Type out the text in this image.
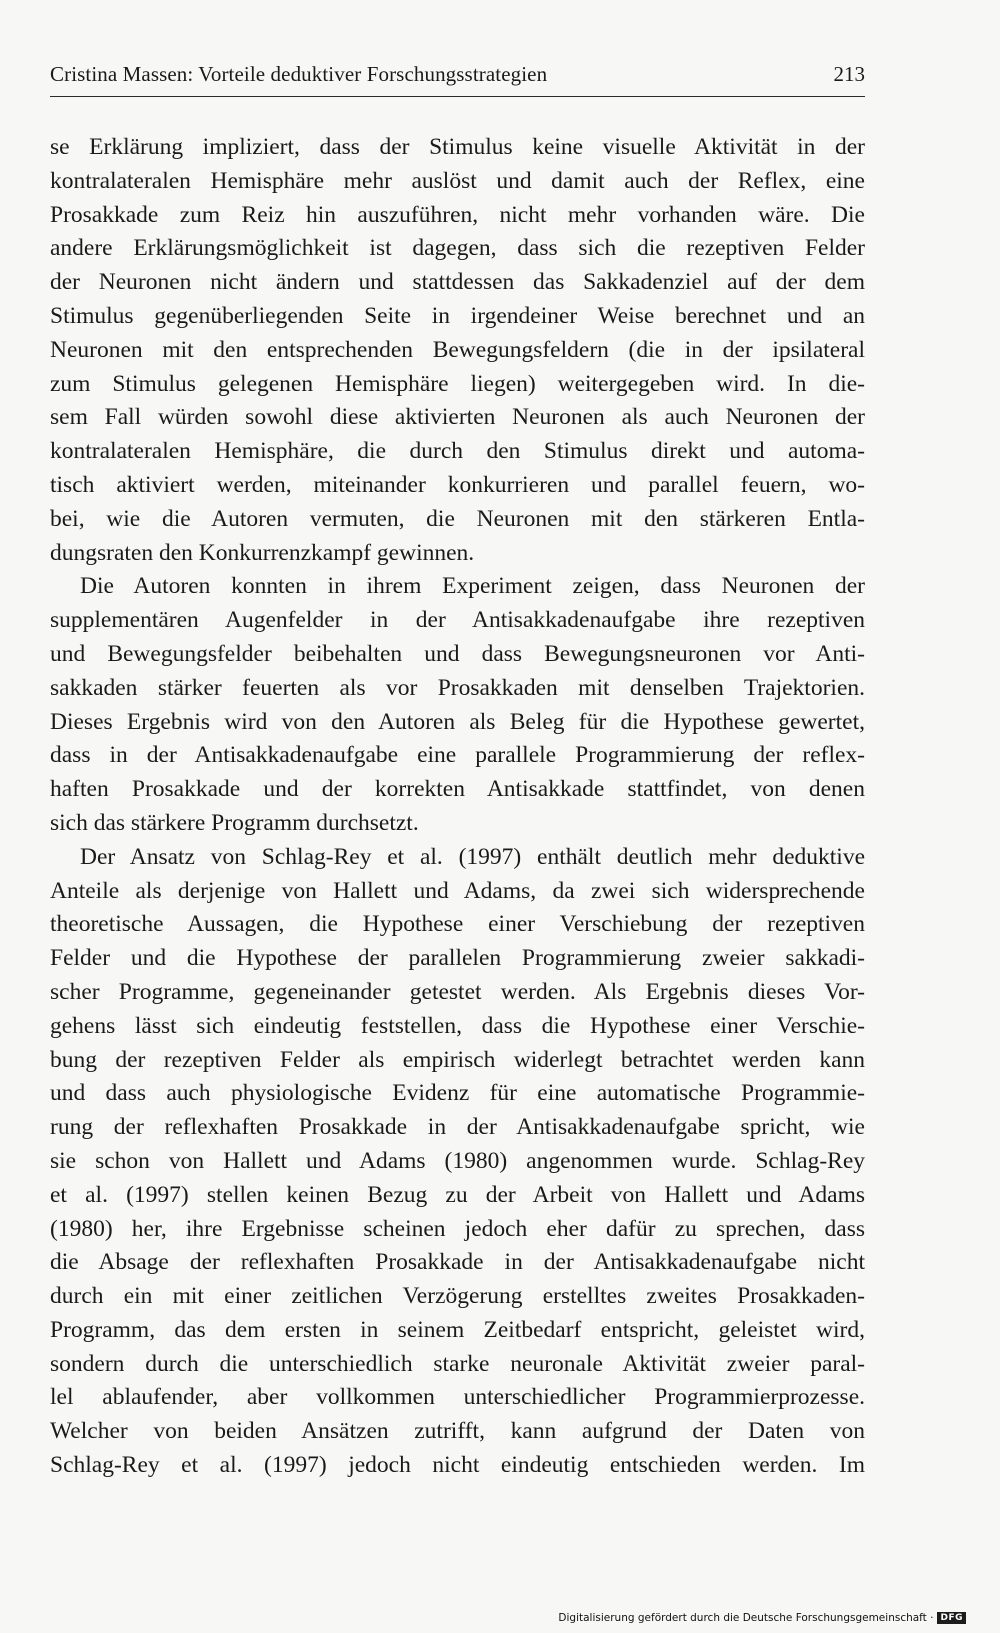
Cristina Massen: Vorteile deduktiver Forschungsstrategien	213
se Erklärung impliziert, dass der Stimulus keine visuelle Aktivität in der
kontralateralen Hemisphäre mehr auslöst und damit auch der Reflex, eine
Prosakkade zum Reiz hin auszuführen, nicht mehr vorhanden wäre. Die
andere Erklärungsmöglichkeit ist dagegen, dass sich die rezeptiven Felder
der Neuronen nicht ändern und stattdessen das Sakkadenziel auf der dem
Stimulus gegenüberliegenden Seite in irgendeiner Weise berechnet und an
Neuronen mit den entsprechenden Bewegungsfeldern (die in der ipsilateral
zum Stimulus gelegenen Hemisphäre liegen) weitergegeben wird. In die-
sem Fall würden sowohl diese aktivierten Neuronen als auch Neuronen der
kontralateralen Hemisphäre, die durch den Stimulus direkt und automa-
tisch aktiviert werden, miteinander konkurrieren und parallel feuern, wo-
bei, wie die Autoren vermuten, die Neuronen mit den stärkeren Entla-
dungsraten den Konkurrenzkampf gewinnen.
Die Autoren konnten in ihrem Experiment zeigen, dass Neuronen der
supplementären Augenfelder in der Antisakkadenaufgabe ihre rezeptiven
und Bewegungsfelder beibehalten und dass Bewegungsneuronen vor Anti-
sakkaden stärker feuerten als vor Prosakkaden mit denselben Trajektorien.
Dieses Ergebnis wird von den Autoren als Beleg für die Hypothese gewertet,
dass in der Antisakkadenaufgabe eine parallele Programmierung der reflex-
haften Prosakkade und der korrekten Antisakkade stattfindet, von denen
sich das stärkere Programm durchsetzt.
Der Ansatz von Schlag-Rey et al. (1997) enthält deutlich mehr deduktive
Anteile als derjenige von Hallett und Adams, da zwei sich widersprechende
theoretische Aussagen, die Hypothese einer Verschiebung der rezeptiven
Felder und die Hypothese der parallelen Programmierung zweier sakkadi-
scher Programme, gegeneinander getestet werden. Als Ergebnis dieses Vor-
gehens lässt sich eindeutig feststellen, dass die Hypothese einer Verschie-
bung der rezeptiven Felder als empirisch widerlegt betrachtet werden kann
und dass auch physiologische Evidenz für eine automatische Programmie-
rung der reflexhaften Prosakkade in der Antisakkadenaufgabe spricht, wie
sie schon von Hallett und Adams (1980) angenommen wurde. Schlag-Rey
et al. (1997) stellen keinen Bezug zu der Arbeit von Hallett und Adams
(1980) her, ihre Ergebnisse scheinen jedoch eher dafür zu sprechen, dass
die Absage der reflexhaften Prosakkade in der Antisakkadenaufgabe nicht
durch ein mit einer zeitlichen Verzögerung erstelltes zweites Prosakkaden-
Programm, das dem ersten in seinem Zeitbedarf entspricht, geleistet wird,
sondern durch die unterschiedlich starke neuronale Aktivität zweier paral-
lel ablaufender, aber vollkommen unterschiedlicher Programmierprozesse.
Welcher von beiden Ansätzen zutrifft, kann aufgrund der Daten von
Schlag-Rey et al. (1997) jedoch nicht eindeutig entschieden werden. Im
Digitalisierung gefördert durch die Deutsche Forschungsgemeinschaft · DFG
